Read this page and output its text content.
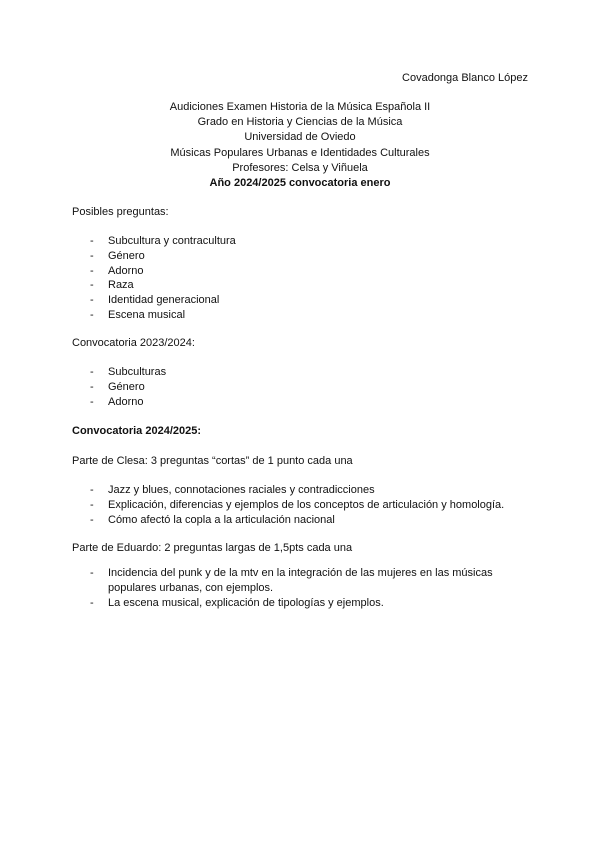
Covadonga Blanco López
Audiciones Examen Historia de la Música Española II
Grado en Historia y Ciencias de la Música
Universidad de Oviedo
Músicas Populares Urbanas e Identidades Culturales
Profesores: Celsa y Viñuela
Año 2024/2025 convocatoria enero
Posibles preguntas:
- Subcultura y contracultura
- Género
- Adorno
- Raza
- Identidad generacional
- Escena musical
Convocatoria 2023/2024:
- Subculturas
- Género
- Adorno
Convocatoria 2024/2025:
Parte de Clesa: 3 preguntas “cortas” de 1 punto cada una
- Jazz y blues, connotaciones raciales y contradicciones
- Explicación, diferencias y ejemplos de los conceptos de articulación y homología.
- Cómo afectó la copla a la articulación nacional
Parte de Eduardo: 2 preguntas largas de 1,5pts cada una
- Incidencia del punk y de la mtv en la integración de las mujeres en las músicas populares urbanas, con ejemplos.
- La escena musical, explicación de tipologías y ejemplos.
